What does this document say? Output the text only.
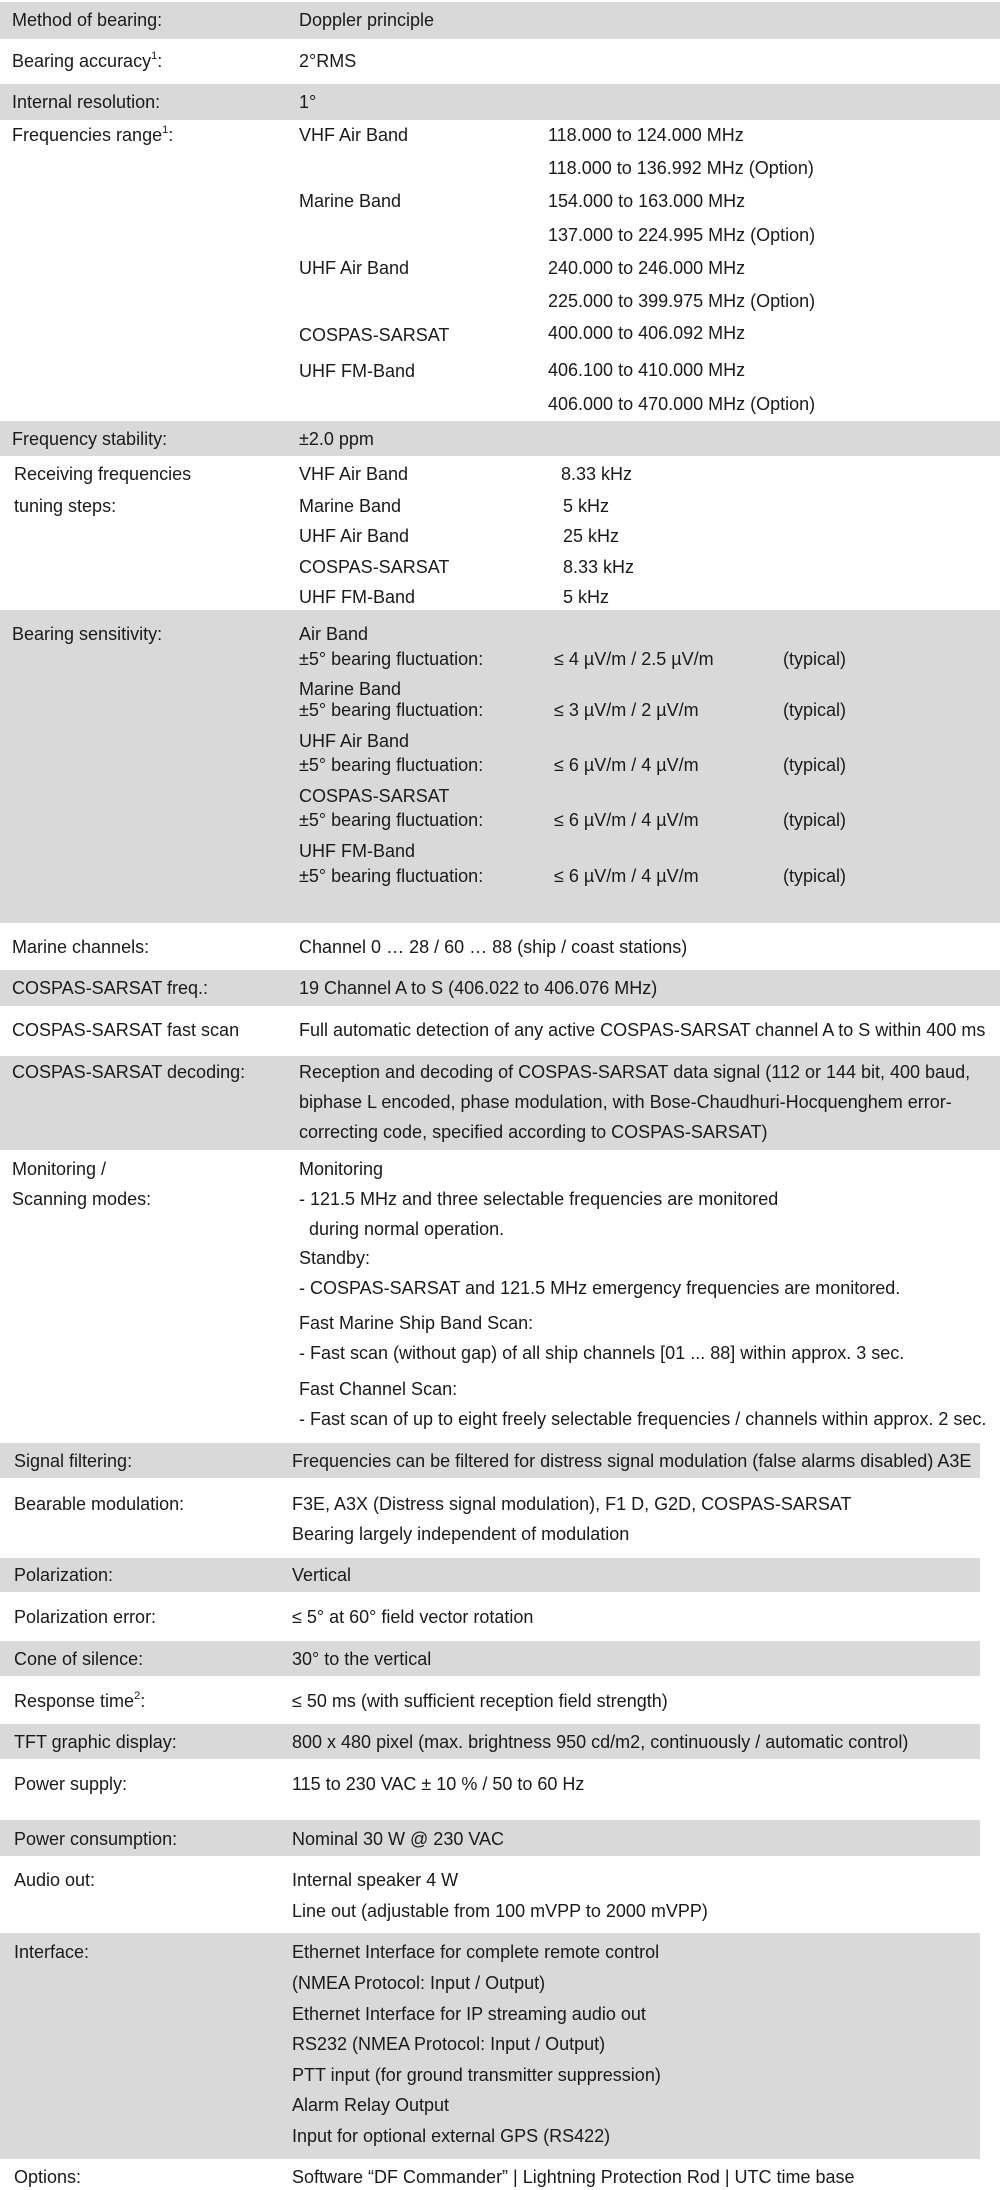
Method of bearing:	Doppler principle
Bearing accuracy$^1$:	2°RMS
Internal resolution:	1°
Frequencies range$^1$:	VHF Air Band	118.000 to 124.000 MHz
118.000 to 136.992 MHz (Option)
Marine Band	154.000 to 163.000 MHz
137.000 to 224.995 MHz (Option)
UHF Air Band	240.000 to 246.000 MHz
225.000 to 399.975 MHz (Option)
COSPAS-SARSAT	400.000 to 406.092 MHz
UHF FM-Band	406.100 to 410.000 MHz
406.000 to 470.000 MHz (Option)
Frequency stability:	±2.0 ppm
Receiving frequencies
tuning steps:
VHF Air Band	8.33 kHz
Marine Band	5 kHz
UHF Air Band	25 kHz
COSPAS-SARSAT	8.33 kHz
UHF FM-Band	5 kHz
Bearing sensitivity:	Air Band
±5° bearing fluctuation:	≤ 4 µV/m / 2.5 µV/m	(typical)
Marine Band
±5° bearing fluctuation:	≤ 3 µV/m / 2 µV/m	(typical)
UHF Air Band
±5° bearing fluctuation:	≤ 6 µV/m / 4 µV/m	(typical)
COSPAS-SARSAT
±5° bearing fluctuation:	≤ 6 µV/m / 4 µV/m	(typical)
UHF FM-Band
±5° bearing fluctuation:	≤ 6 µV/m / 4 µV/m	(typical)
Marine channels:	Channel 0 … 28 / 60 … 88 (ship / coast stations)
COSPAS-SARSAT freq.:	19 Channel A to S (406.022 to 406.076 MHz)
COSPAS-SARSAT fast scan	Full automatic detection of any active COSPAS-SARSAT channel A to S within 400 ms
COSPAS-SARSAT decoding:	Reception and decoding of COSPAS-SARSAT data signal (112 or 144 bit, 400 baud,
biphase L encoded, phase modulation, with Bose-Chaudhuri-Hocquenghem error-
correcting code, specified according to COSPAS-SARSAT)
Monitoring /
Scanning modes:
Monitoring
- 121.5 MHz and three selectable frequencies are monitored
during normal operation.
Standby:
- COSPAS-SARSAT and 121.5 MHz emergency frequencies are monitored.
Fast Marine Ship Band Scan:
- Fast scan (without gap) of all ship channels [01 ... 88] within approx. 3 sec.
Fast Channel Scan:
- Fast scan of up to eight freely selectable frequencies / channels within approx. 2 sec.
Signal filtering:	Frequencies can be filtered for distress signal modulation (false alarms disabled) A3E
Bearable modulation:	F3E, A3X (Distress signal modulation), F1 D, G2D, COSPAS-SARSAT
Bearing largely independent of modulation
Polarization:	Vertical
Polarization error:	≤ 5° at 60° field vector rotation
Cone of silence:	30° to the vertical
Response time$^2$:	≤ 50 ms (with sufficient reception field strength)
TFT graphic display:	800 x 480 pixel (max. brightness 950 cd/m2, continuously / automatic control)
Power supply:	115 to 230 VAC ± 10 % / 50 to 60 Hz
Power consumption:	Nominal 30 W @ 230 VAC
Audio out:	Internal speaker 4 W
Line out (adjustable from 100 mVPP to 2000 mVPP)
Interface:	Ethernet Interface for complete remote control
(NMEA Protocol: Input / Output)
Ethernet Interface for IP streaming audio out
RS232 (NMEA Protocol: Input / Output)
PTT input (for ground transmitter suppression)
Alarm Relay Output
Input for optional external GPS (RS422)
Options:	Software “DF Commander” | Lightning Protection Rod | UTC time base
